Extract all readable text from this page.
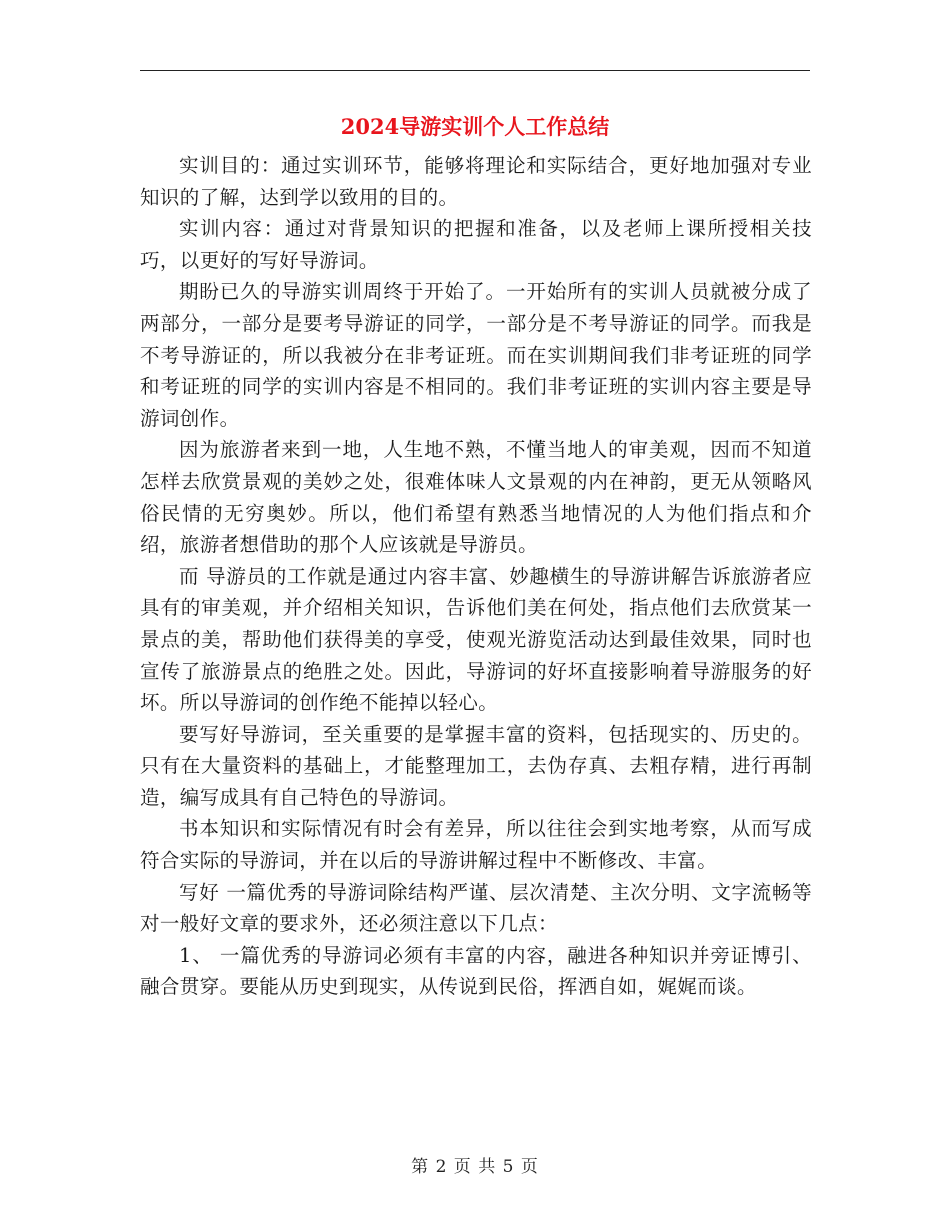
2024导游实训个人工作总结

实训目的：通过实训环节，能够将理论和实际结合，更好地加强对专业知识的了解，达到学以致用的目的。

实训内容：通过对背景知识的把握和准备，以及老师上课所授相关技巧，以更好的写好导游词。

期盼已久的导游实训周终于开始了。一开始所有的实训人员就被分成了两部分，一部分是要考导游证的同学，一部分是不考导游证的同学。而我是不考导游证的，所以我被分在非考证班。而在实训期间我们非考证班的同学和考证班的同学的实训内容是不相同的。我们非考证班的实训内容主要是导游词创作。

因为旅游者来到一地，人生地不熟，不懂当地人的审美观，因而不知道怎样去欣赏景观的美妙之处，很难体味人文景观的内在神韵，更无从领略风俗民情的无穷奥妙。所以，他们希望有熟悉当地情况的人为他们指点和介绍，旅游者想借助的那个人应该就是导游员。

而 导游员的工作就是通过内容丰富、妙趣横生的导游讲解告诉旅游者应具有的审美观，并介绍相关知识，告诉他们美在何处，指点他们去欣赏某一景点的美，帮助他们获得美的享受，使观光游览活动达到最佳效果，同时也宣传了旅游景点的绝胜之处。因此，导游词的好坏直接影响着导游服务的好坏。所以导游词的创作绝不能掉以轻心。

要写好导游词，至关重要的是掌握丰富的资料，包括现实的、历史的。只有在大量资料的基础上，才能整理加工，去伪存真、去粗存精，进行再制造，编写成具有自己特色的导游词。

书本知识和实际情况有时会有差异，所以往往会到实地考察，从而写成符合实际的导游词，并在以后的导游讲解过程中不断修改、丰富。

写好 一篇优秀的导游词除结构严谨、层次清楚、主次分明、文字流畅等对一般好文章的要求外，还必须注意以下几点：

1、 一篇优秀的导游词必须有丰富的内容，融进各种知识并旁证博引、融合贯穿。要能从历史到现实，从传说到民俗，挥洒自如，娓娓而谈。

第 2 页 共 5 页
